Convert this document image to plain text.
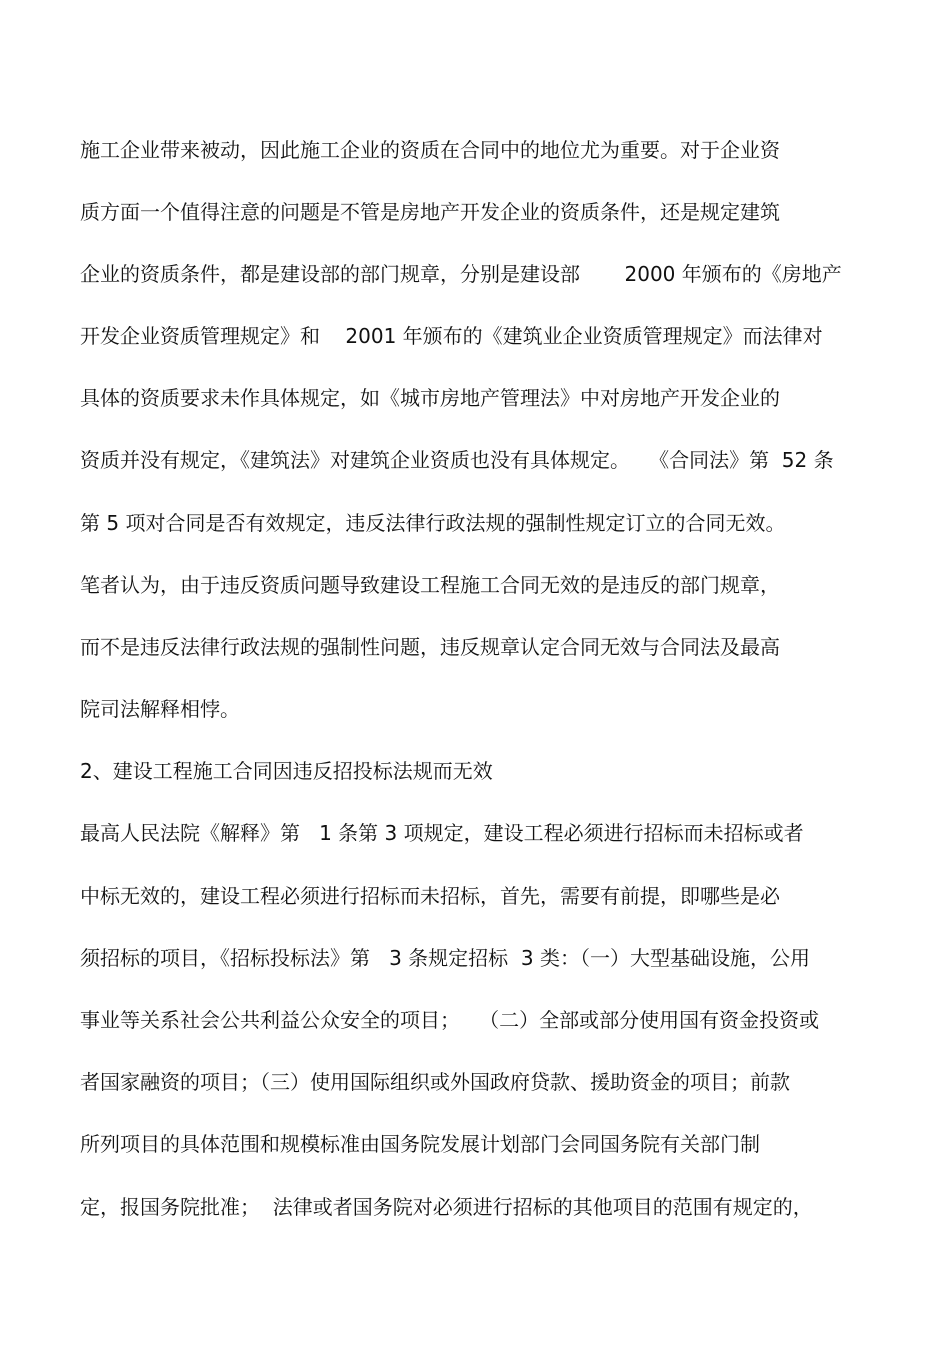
施工企业带来被动，因此施工企业的资质在合同中的地位尤为重要。对于企业资

质方面一个值得注意的问题是不管是房地产开发企业的资质条件，还是规定建筑

企业的资质条件，都是建设部的部门规章，分别是建设部       2000 年颁布的《房地产

开发企业资质管理规定》和    2001 年颁布的《建筑业企业资质管理规定》而法律对

具体的资质要求未作具体规定，如《城市房地产管理法》中对房地产开发企业的

资质并没有规定，《建筑法》对建筑企业资质也没有具体规定。   《合同法》第  52 条

第 5 项对合同是否有效规定，违反法律行政法规的强制性规定订立的合同无效。

笔者认为，由于违反资质问题导致建设工程施工合同无效的是违反的部门规章，

而不是违反法律行政法规的强制性问题，违反规章认定合同无效与合同法及最高

院司法解释相悖。

2、建设工程施工合同因违反招投标法规而无效

最高人民法院《解释》第   1 条第 3 项规定，建设工程必须进行招标而未招标或者

中标无效的，建设工程必须进行招标而未招标，首先，需要有前提，即哪些是必

须招标的项目，《招标投标法》第   3 条规定招标  3 类：（一）大型基础设施，公用

事业等关系社会公共利益公众安全的项目；   （二）全部或部分使用国有资金投资或

者国家融资的项目；（三）使用国际组织或外国政府贷款、援助资金的项目；前款

所列项目的具体范围和规模标准由国务院发展计划部门会同国务院有关部门制

定，报国务院批准；  法律或者国务院对必须进行招标的其他项目的范围有规定的，
